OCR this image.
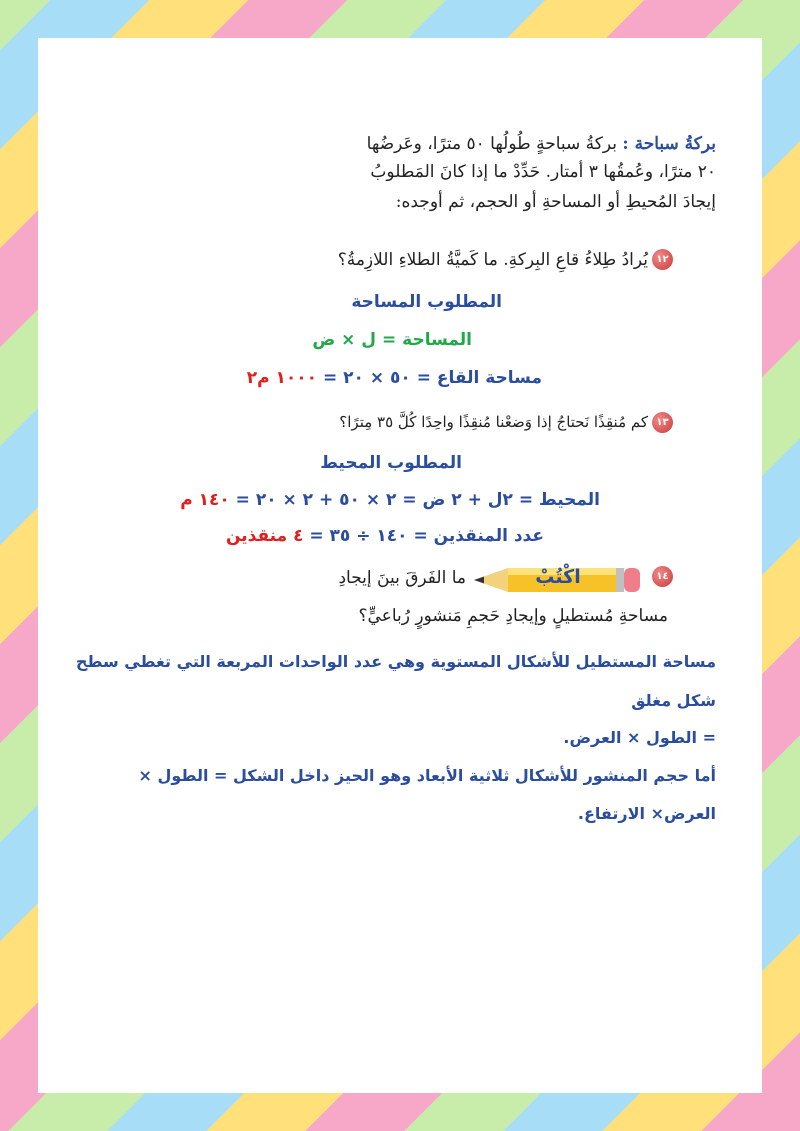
بركةُ سباحة : بركةُ سباحةٍ طُولُها ٥٠ مترًا، وعَرضُها
٢٠ مترًا، وعُمقُها ٣ أمتار. حَدِّدْ ما إذا كانَ المَطلوبُ
إيجادَ المُحيطِ أو المساحةِ أو الحجم، ثم أوجده:
١٢
يُرادُ طِلاءُ قاعِ البِركةِ. ما كَميَّةُ الطلاءِ اللازِمةُ؟
المطلوب المساحة
المساحة = ل × ض
مساحة القاع = ٥٠ × ٢٠ = ١٠٠٠ م٢
١٣
كم مُنقِذًا نَحتاجُ إذا وَضعْنا مُنقِذًا واحِدًا كُلَّ ٣٥ مِترًا؟
المطلوب المحيط
المحيط = ٢ل + ٢ ض = ٢ × ٥٠ + ٢ × ٢٠ = ١٤٠ م
عدد المنقذين = ١٤٠ ÷ ٣٥ = ٤ منقذين
١٤
اكْتُبْ
ما الفَرقَ بينَ إيجادِ
مساحةِ مُستطيلٍ وإيجادِ حَجمِ مَنشورٍ رُباعيٍّ؟
مساحة المستطيل للأشكال المستوية وهي عدد الواحدات المربعة التي تغطي سطح
شكل مغلق
= الطول × العرض.
أما حجم المنشور للأشكال ثلاثية الأبعاد وهو الحيز داخل الشكل = الطول ×
العرض× الارتفاع.
